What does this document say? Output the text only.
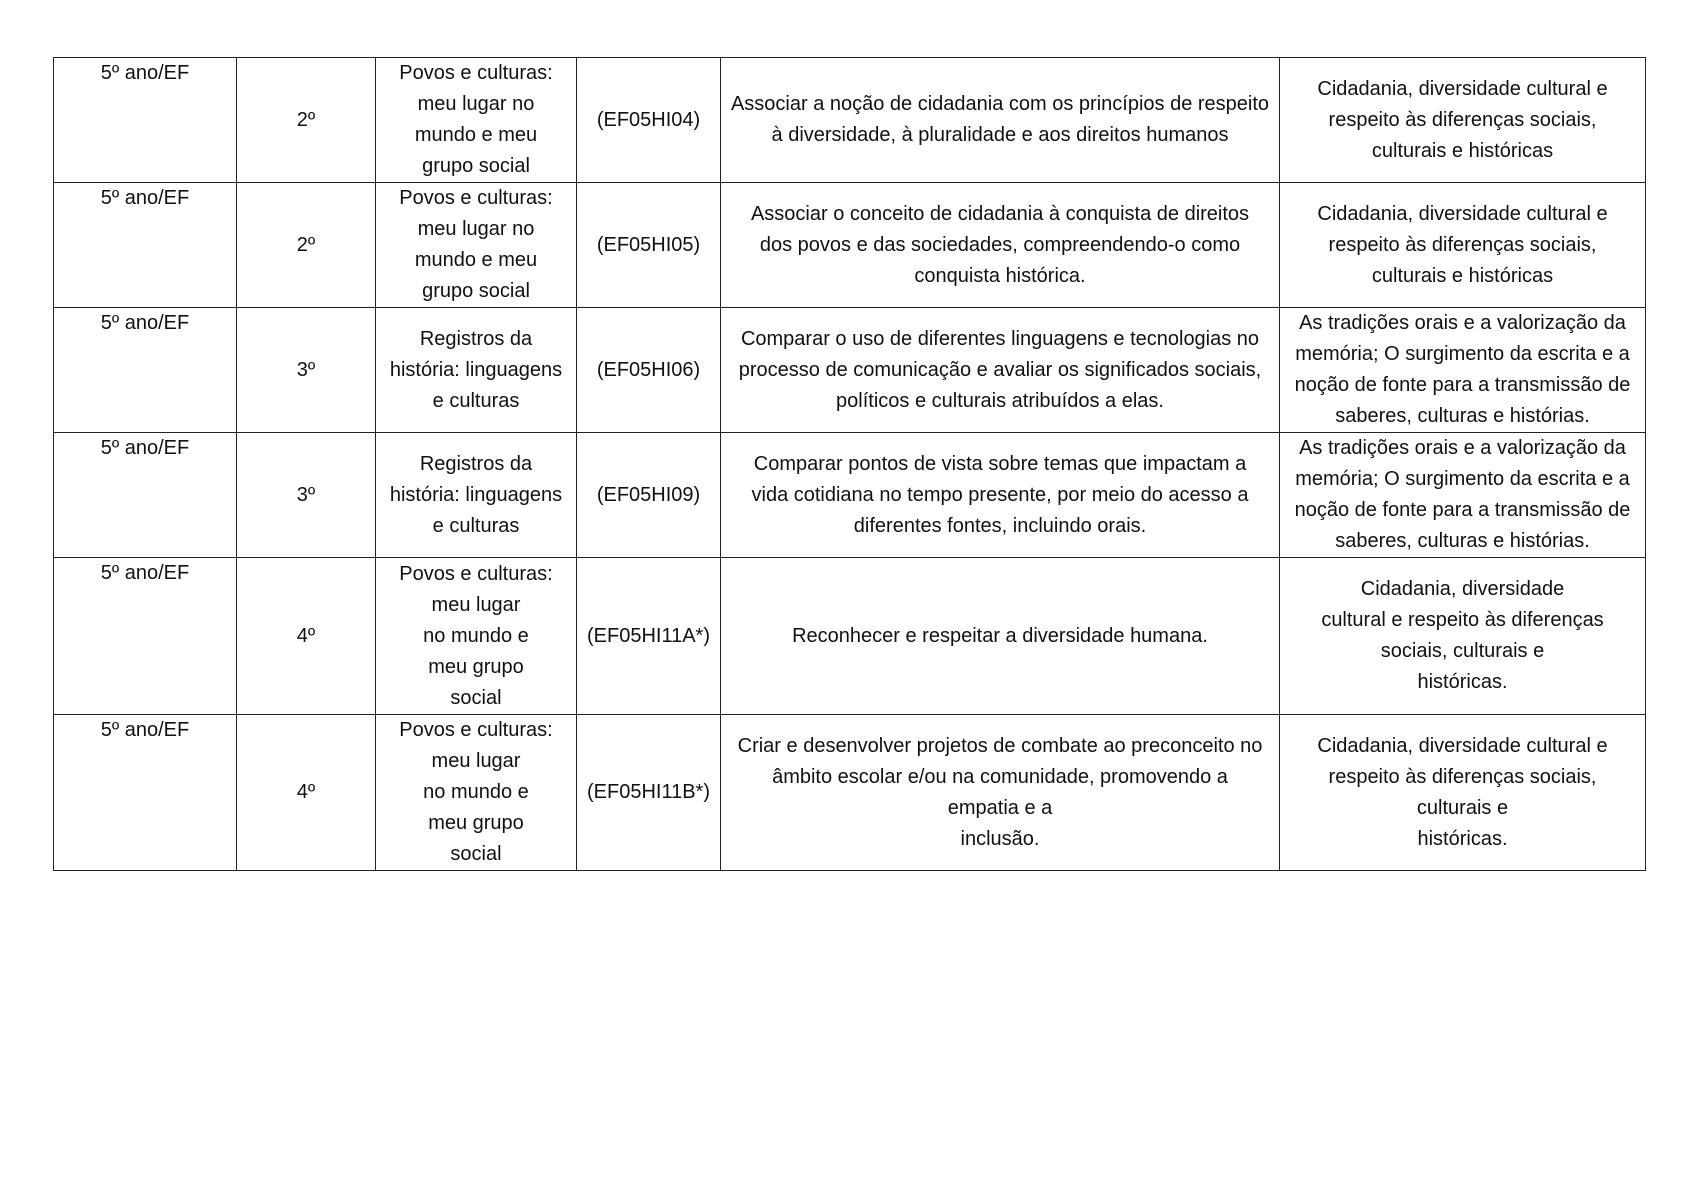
5º ano/EF	2º	Povos e culturas:
meu lugar no
mundo e meu
grupo social	(EF05HI04)	Associar a noção de cidadania com os princípios de respeito
à diversidade, à pluralidade e aos direitos humanos	Cidadania, diversidade cultural e
respeito às diferenças sociais,
culturais e históricas
5º ano/EF	2º	Povos e culturas:
meu lugar no
mundo e meu
grupo social	(EF05HI05)	Associar o conceito de cidadania à conquista de direitos
dos povos e das sociedades, compreendendo-o como
conquista histórica.	Cidadania, diversidade cultural e
respeito às diferenças sociais,
culturais e históricas
5º ano/EF	3º	Registros da
história: linguagens
e culturas	(EF05HI06)	Comparar o uso de diferentes linguagens e tecnologias no
processo de comunicação e avaliar os significados sociais,
políticos e culturais atribuídos a elas.	As tradições orais e a valorização da
memória; O surgimento da escrita e a
noção de fonte para a transmissão de
saberes, culturas e histórias.
5º ano/EF	3º	Registros da
história: linguagens
e culturas	(EF05HI09)	Comparar pontos de vista sobre temas que impactam a
vida cotidiana no tempo presente, por meio do acesso a
diferentes fontes, incluindo orais.	As tradições orais e a valorização da
memória; O surgimento da escrita e a
noção de fonte para a transmissão de
saberes, culturas e histórias.
5º ano/EF	4º	Povos e culturas:
meu lugar
no mundo e
meu grupo
social	(EF05HI11A*)	Reconhecer e respeitar a diversidade humana.	Cidadania, diversidade
cultural e respeito às diferenças
sociais, culturais e
históricas.
5º ano/EF	4º	Povos e culturas:
meu lugar
no mundo e
meu grupo
social	(EF05HI11B*)	Criar e desenvolver projetos de combate ao preconceito no
âmbito escolar e/ou na comunidade, promovendo a
empatia e a
inclusão.	Cidadania, diversidade cultural e
respeito às diferenças sociais,
culturais e
históricas.
